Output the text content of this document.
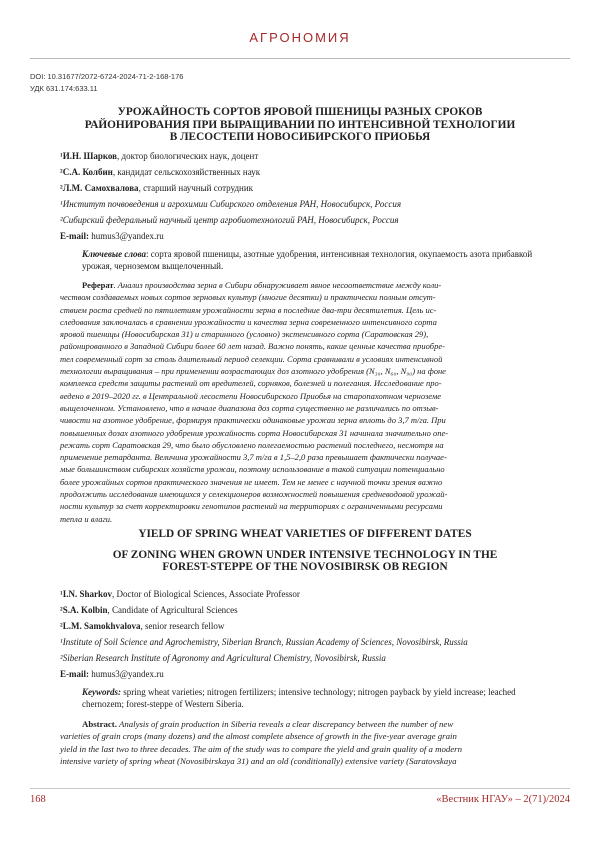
АГРОНОМИЯ
DOI: 10.31677/2072-6724-2024-71-2-168-176
УДК 631.174:633.11
УРОЖАЙНОСТЬ СОРТОВ ЯРОВОЙ ПШЕНИЦЫ РАЗНЫХ СРОКОВ
РАЙОНИРОВАНИЯ ПРИ ВЫРАЩИВАНИИ ПО ИНТЕНСИВНОЙ ТЕХНОЛОГИИ
В ЛЕСОСТЕПИ НОВОСИБИРСКОГО ПРИОБЬЯ
¹И.Н. Шарков, доктор биологических наук, доцент
²С.А. Колбин, кандидат сельскохозяйственных наук
²Л.М. Самохвалова, старший научный сотрудник
¹Институт почвоведения и агрохимии Сибирского отделения РАН, Новосибирск, Россия
²Сибирский федеральный научный центр агробиотехнологий РАН, Новосибирск, Россия
E-mail: humus3@yandex.ru
Ключевые слова: сорта яровой пшеницы, азотные удобрения, интенсивная технология, окупаемость азота прибавкой урожая, черноземом выщелоченный.
Реферат. Анализ производства зерна в Сибири обнаруживает явное несоответствие между коли-
чеством создаваемых новых сортов зерновых культур (многие десятки) и практически полным отсут-
ствием роста средней по пятилетиям урожайности зерна в последние два-три десятилетия. Цель ис-
следования заключалась в сравнении урожайности и качества зерна современного интенсивного сорта
яровой пшеницы (Новосибирская 31) и старинного (условно) экстенсивного сорта (Саратовская 29),
районированного в Западной Сибири более 60 лет назад. Важно понять, какие ценные качества приобре-
тел современный сорт за столь длительный период селекции. Сорта сравнивали в условиях интенсивной
технологии выращивания – при применении возрастающих доз азотного удобрения (N₃₀, N₆₀, N₉₀) на фоне
комплекса средств защиты растений от вредителей, сорняков, болезней и полегания. Исследование про-
ведено в 2019–2020 гг. в Центральной лесостепи Новосибирского Приобья на старопахотном черноземе
выщелоченном. Установлено, что в начале диапазона доз сорта существенно не различались по отзыв-
чивости на азотное удобрение, формируя практически одинаковые урожаи зерна вплоть до 3,7 т/га. При
повышенных дозах азотного удобрения урожайность сорта Новосибирская 31 начинала значительно опе-
режать сорт Саратовская 29, что было обусловлено полегаемостью растений последнего, несмотря на
применение ретарданта. Величина урожайности 3,7 т/га в 1,5–2,0 раза превышает фактически получае-
мые большинством сибирских хозяйств урожаи, поэтому использование в такой ситуации потенциально
более урожайных сортов практического значения не имеет. Тем не менее с научной точки зрения важно
продолжить исследования имеющихся у селекционеров возможностей повышения средневодовой урожай-
ности культур за счет корректировки генотипов растений на территориях с ограниченными ресурсами
тепла и влаги.
YIELD OF SPRING WHEAT VARIETIES OF DIFFERENT DATES
OF ZONING WHEN GROWN UNDER INTENSIVE TECHNOLOGY IN THE
FOREST-STEPPE OF THE NOVOSIBIRSK OB REGION
¹I.N. Sharkov, Doctor of Biological Sciences, Associate Professor
²S.A. Kolbin, Candidate of Agricultural Sciences
²L.M. Samokhvalova, senior research fellow
¹Institute of Soil Science and Agrochemistry, Siberian Branch, Russian Academy of Sciences, Novosibirsk, Russia
²Siberian Research Institute of Agronomy and Agricultural Chemistry, Novosibirsk, Russia
E-mail: humus3@yandex.ru
Keywords: spring wheat varieties; nitrogen fertilizers; intensive technology; nitrogen payback by yield increase; leached chernozem; forest-steppe of Western Siberia.
Abstract. Analysis of grain production in Siberia reveals a clear discrepancy between the number of new
varieties of grain crops (many dozens) and the almost complete absence of growth in the five-year average grain
yield in the last two to three decades. The aim of the study was to compare the yield and grain quality of a modern
intensive variety of spring wheat (Novosibirskaya 31) and an old (conditionally) extensive variety (Saratovskaya
168	«Вестник НГАУ» – 2(71)/2024
